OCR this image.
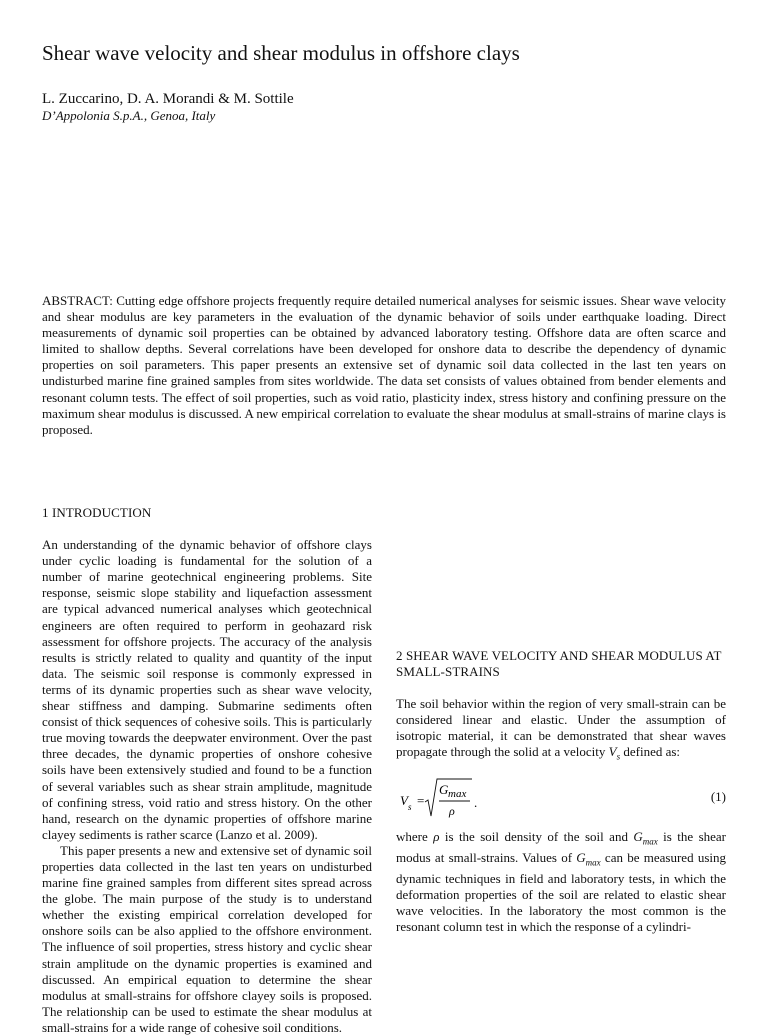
Shear wave velocity and shear modulus in offshore clays
L. Zuccarino, D. A. Morandi & M. Sottile
D’Appolonia S.p.A., Genoa, Italy

ABSTRACT: Cutting edge offshore projects frequently require detailed numerical analyses for seismic issues. Shear wave velocity and shear modulus are key parameters in the evaluation of the dynamic behavior of soils under earthquake loading. Direct measurements of dynamic soil properties can be obtained by advanced laboratory testing. Offshore data are often scarce and limited to shallow depths. Several correlations have been developed for onshore data to describe the dependency of dynamic properties on soil parameters. This paper presents an extensive set of dynamic soil data collected in the last ten years on undisturbed marine fine grained samples from sites worldwide. The data set consists of values obtained from bender elements and resonant column tests. The effect of soil properties, such as void ratio, plasticity index, stress history and confining pressure on the maximum shear modulus is discussed. A new empirical correlation to evaluate the shear modulus at small-strains of marine clays is proposed.

1 INTRODUCTION

An understanding of the dynamic behavior of offshore clays under cyclic loading is fundamental for the solution of a number of marine geotechnical engineering problems. Site response, seismic slope stability and liquefaction assessment are typical advanced numerical analyses which geotechnical engineers are often required to perform in geohazard risk assessment for offshore projects. The accuracy of the analysis results is strictly related to quality and quantity of the input data. The seismic soil response is commonly expressed in terms of its dynamic properties such as shear wave velocity, shear stiffness and damping. Submarine sediments often consist of thick sequences of cohesive soils. This is particularly true moving towards the deepwater environment. Over the past three decades, the dynamic properties of onshore cohesive soils have been extensively studied and found to be a function of several variables such as shear strain amplitude, magnitude of confining stress, void ratio and stress history. On the other hand, research on the dynamic properties of offshore marine clayey sediments is rather scarce (Lanzo et al. 2009).

This paper presents a new and extensive set of dynamic soil properties data collected in the last ten years on undisturbed marine fine grained samples from different sites spread across the globe. The main purpose of the study is to understand whether the existing empirical correlation developed for onshore soils can be also applied to the offshore environment. The influence of soil properties, stress history and cyclic shear strain amplitude on the dynamic properties is examined and discussed. An empirical equation to determine the shear modulus at small-strains for offshore clayey soils is proposed. The relationship can be used to estimate the shear modulus at small-strains for a wide range of cohesive soil conditions.

2 SHEAR WAVE VELOCITY AND SHEAR MODULUS AT SMALL-STRAINS

The soil behavior within the region of very small-strain can be considered linear and elastic. Under the assumption of isotropic material, it can be demonstrated that shear waves propagate through the solid at a velocity $V_s$ defined as:

V s =
G max
ρ
.	(1)

where ρ is the soil density of the soil and $G_{max}$ is the shear modus at small-strains. Values of $G_{max}$ can be measured using dynamic techniques in field and laboratory tests, in which the deformation properties of the soil are related to elastic shear wave velocities. In the laboratory the most common is the resonant column test in which the response of a cylindri-
